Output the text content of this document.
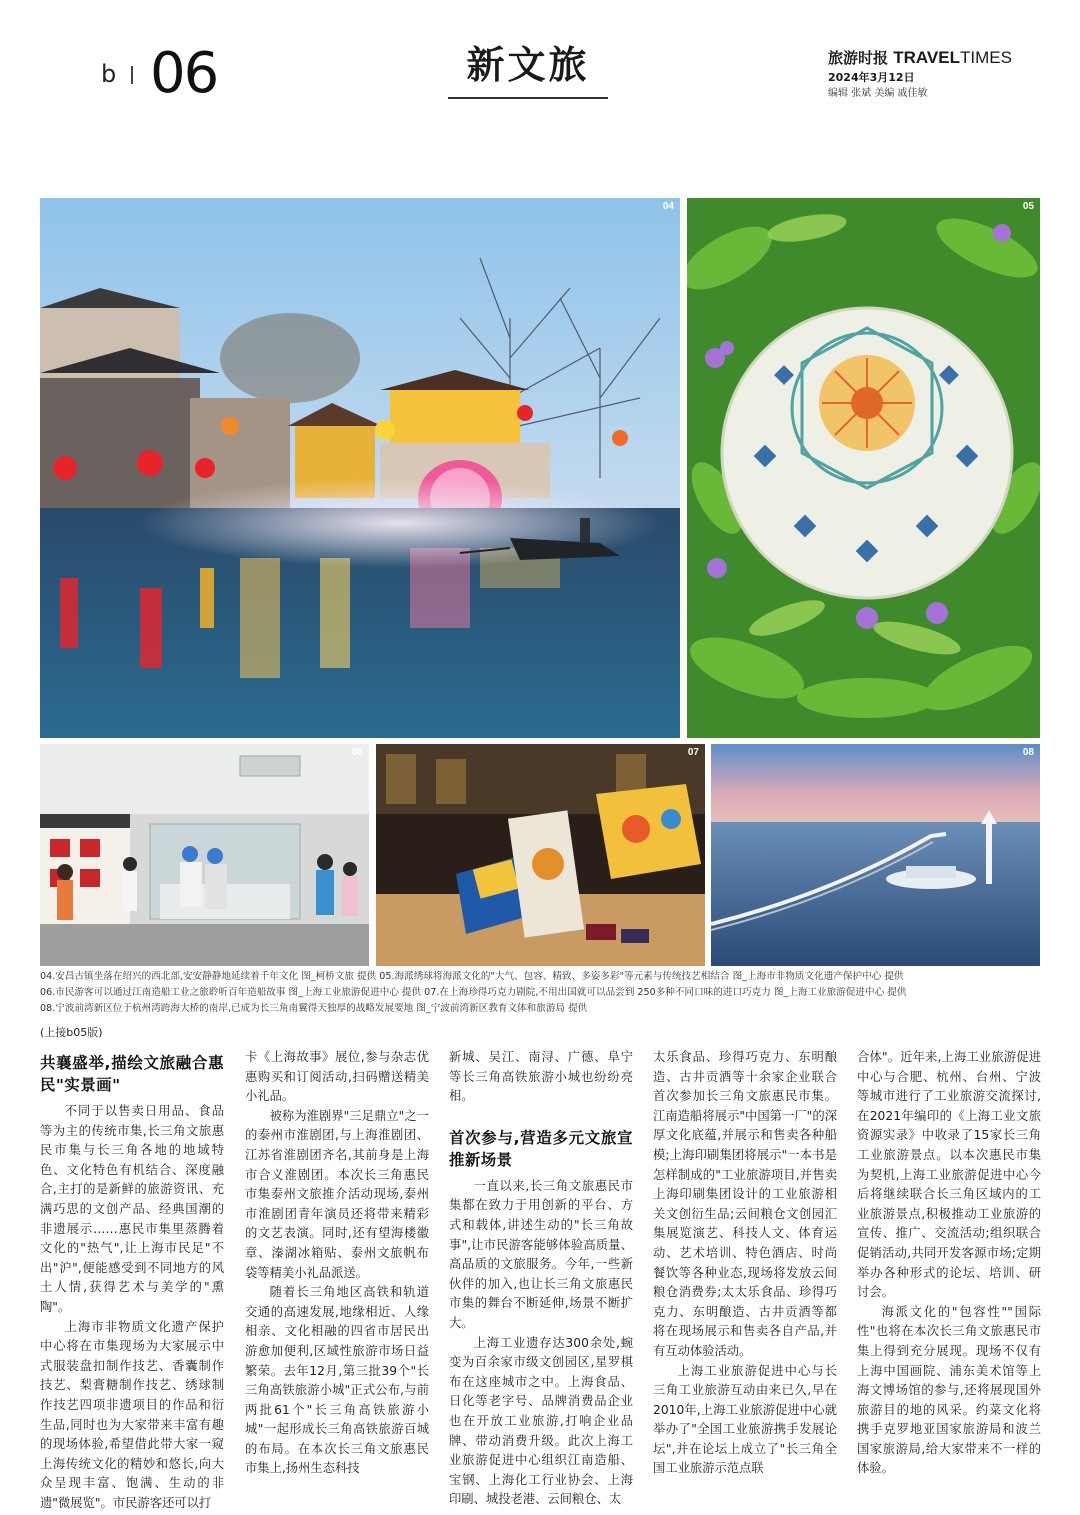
b 06	新文旅	旅游时报 TRAVELTIMES
2024年3月12日
编辑 张斌 美编 戚佳敏
04	05
06	07	08
04.安昌古镇坐落在绍兴的西北部,安安静静地延续着千年文化 图_柯桥文旅 提供 05.海派绣球将海派文化的"大气、包容、精致、多姿多彩"等元素与传统技艺相结合 图_上海市非物质文化遗产保护中心 提供
06.市民游客可以通过江南造船工业之旅聆听百年造船故事 图_上海工业旅游促进中心 提供 07.在上海珍得巧克力剧院,不用出国就可以品尝到 250多种不同口味的进口巧克力 图_上海工业旅游促进中心 提供
08.宁波前湾新区位于杭州湾跨海大桥的南岸,已成为长三角南翼得天独厚的战略发展要地 图_宁波前湾新区教育文体和旅游局 提供
(上接b05版)
共襄盛举,描绘文旅融合惠民"实景画"

不同于以售卖日用品、食品等为主的传统市集,长三角文旅惠民市集与长三角各地的地域特色、文化特色有机结合、深度融合,主打的是新鲜的旅游资讯、充满巧思的文创产品、经典国潮的非遗展示……惠民市集里蒸腾着文化的"热气",让上海市民足"不出"沪",便能感受到不同地方的风土人情,获得艺术与美学的"熏陶"。

上海市非物质文化遗产保护中心将在市集现场为大家展示中式服装盘扣制作技艺、香囊制作技艺、梨膏糖制作技艺、绣球制作技艺四项非遗项目的作品和衍生品,同时也为大家带来丰富有趣的现场体验,希望借此带大家一窥上海传统文化的精妙和悠长,向大众呈现丰富、饱满、生动的非遗"微展览"。市民游客还可以打

卡《上海故事》展位,参与杂志优惠购买和订阅活动,扫码赠送精美小礼品。

被称为淮剧界"三足鼎立"之一的泰州市淮剧团,与上海淮剧团、江苏省淮剧团齐名,其前身是上海市合义淮剧团。本次长三角惠民市集泰州文旅推介活动现场,泰州市淮剧团青年演员还将带来精彩的文艺表演。同时,还有望海楼徽章、溱湖冰箱贴、泰州文旅帆布袋等精美小礼品派送。

随着长三角地区高铁和轨道交通的高速发展,地缘相近、人缘相亲、文化相融的四省市居民出游愈加便利,区域性旅游市场日益繁荣。去年12月,第三批39个"长三角高铁旅游小城"正式公布,与前两批61个"长三角高铁旅游小城"一起形成长三角高铁旅游百城的布局。在本次长三角文旅惠民市集上,扬州生态科技

新城、吴江、南浔、广德、阜宁等长三角高铁旅游小城也纷纷亮相。

首次参与,营造多元文旅宣推新场景

一直以来,长三角文旅惠民市集都在致力于用创新的平台、方式和载体,讲述生动的"长三角故事",让市民游客能够体验高质量、高品质的文旅服务。今年,一些新伙伴的加入,也让长三角文旅惠民市集的舞台不断延伸,场景不断扩大。

上海工业遗存达300余处,蜿变为百余家市级文创园区,星罗棋布在这座城市之中。上海食品、日化等老字号、品牌消费品企业也在开放工业旅游,打响企业品牌、带动消费升级。此次上海工业旅游促进中心组织江南造船、宝钢、上海化工行业协会、上海印刷、城投老港、云间粮仓、太

太乐食品、珍得巧克力、东明酿造、古井贡酒等十余家企业联合首次参加长三角文旅惠民市集。江南造船将展示"中国第一厂"的深厚文化底蕴,并展示和售卖各种船模;上海印刷集团将展示"一本书是怎样制成的"工业旅游项目,并售卖上海印刷集团设计的工业旅游相关文创衍生品;云间粮仓文创园汇集展览演艺、科技人文、体育运动、艺术培训、特色酒店、时尚餐饮等各种业态,现场将发放云间粮仓消费券;太太乐食品、珍得巧克力、东明酿造、古井贡酒等都将在现场展示和售卖各自产品,并有互动体验活动。

上海工业旅游促进中心与长三角工业旅游互动由来已久,早在2010年,上海工业旅游促进中心就举办了"全国工业旅游携手发展论坛",并在论坛上成立了"长三角全国工业旅游示范点联

合体"。近年来,上海工业旅游促进中心与合肥、杭州、台州、宁波等城市进行了工业旅游交流探讨,在2021年编印的《上海工业文旅资源实录》中收录了15家长三角工业旅游景点。以本次惠民市集为契机,上海工业旅游促进中心今后将继续联合长三角区域内的工业旅游景点,积极推动工业旅游的宣传、推广、交流活动;组织联合促销活动,共同开发客源市场;定期举办各种形式的论坛、培训、研讨会。

海派文化的"包容性""国际性"也将在本次长三角文旅惠民市集上得到充分展现。现场不仅有上海中国画院、浦东美术馆等上海文博场馆的参与,还将展现国外旅游目的地的风采。约菜文化将携手克罗地亚国家旅游局和波兰国家旅游局,给大家带来不一样的体验。
